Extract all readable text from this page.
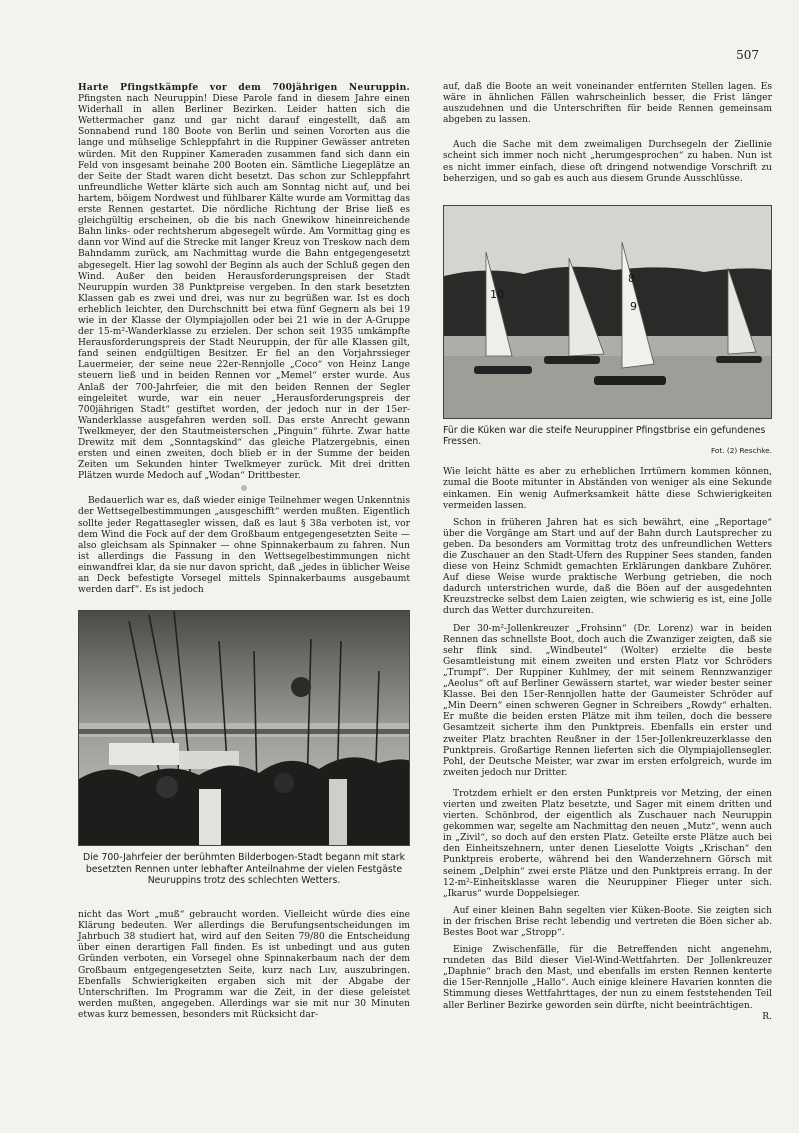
507

Harte Pfingstkämpfe vor dem 700jährigen Neuruppin. Pfingsten nach Neuruppin! Diese Parole fand in diesem Jahre einen Widerhall in allen Berliner Bezirken. Leider hatten sich die Wettermacher ganz und gar nicht darauf eingestellt, daß am Sonnabend rund 180 Boote von Berlin und seinen Vororten aus die lange und mühselige Schleppfahrt in die Ruppiner Gewässer antreten würden. Mit den Ruppiner Kameraden zusammen fand sich dann ein Feld von insgesamt beinahe 200 Booten ein. Sämtliche Liegeplätze an der Seite der Stadt waren dicht besetzt. Das schon zur Schleppfahrt unfreundliche Wetter klärte sich auch am Sonntag nicht auf, und bei hartem, böigem Nordwest und fühlbarer Kälte wurde am Vormittag das erste Rennen gestartet. Die nördliche Richtung der Brise ließ es gleichgültig erscheinen, ob die bis nach Gnewikow hineinreichende Bahn links- oder rechtsherum abgesegelt würde. Am Vormittag ging es dann vor Wind auf die Strecke mit langer Kreuz von Treskow nach dem Bahndamm zurück, am Nachmittag wurde die Bahn entgegengesetzt abgesegelt. Hier lag sowohl der Beginn als auch der Schluß gegen den Wind. Außer den beiden Herausforderungspreisen der Stadt Neuruppin wurden 38 Punktpreise vergeben. In den stark besetzten Klassen gab es zwei und drei, was nur zu begrüßen war. Ist es doch erheblich leichter, den Durchschnitt bei etwa fünf Gegnern als bei 19 wie in der Klasse der Olympiajollen oder bei 21 wie in der A-Gruppe der 15-m²-Wanderklasse zu erzielen. Der schon seit 1935 umkämpfte Herausforderungspreis der Stadt Neuruppin, der für alle Klassen gilt, fand seinen endgültigen Besitzer. Er fiel an den Vorjahrssieger Lauermeier, der seine neue 22er-Rennjolle „Coco“ von Heinz Lange steuern ließ und in beiden Rennen vor „Memel“ erster wurde. Aus Anlaß der 700-Jahrfeier, die mit den beiden Rennen der Segler eingeleitet wurde, war ein neuer „Herausforderungspreis der 700jährigen Stadt“ gestiftet worden, der jedoch nur in der 15er-Wanderklasse ausgefahren werden soll. Das erste Anrecht gewann Twelkmeyer, der den Stautmeisterschen „Pinguin“ führte. Zwar hatte Drewitz mit dem „Sonntagskind“ das gleiche Platzergebnis, einen ersten und einen zweiten, doch blieb er in der Summe der beiden Zeiten um Sekunden hinter Twelkmeyer zurück. Mit drei dritten Plätzen wurde Medoch auf „Wodan“ Drittbester.

Bedauerlich war es, daß wieder einige Teilnehmer wegen Unkenntnis der Wettsegelbestimmungen „ausgeschifft“ werden mußten. Eigentlich sollte jeder Regattasegler wissen, daß es laut § 38a verboten ist, vor dem Wind die Fock auf der dem Großbaum entgegengesetzten Seite — also gleichsam als Spinnaker — ohne Spinnakerbaum zu fahren. Nun ist allerdings die Fassung in den Wettsegelbestimmungen nicht einwandfrei klar, da sie nur davon spricht, daß „jedes in üblicher Weise an Deck befestigte Vorsegel mittels Spinnakerbaums ausgebaumt werden darf“. Es ist jedoch

Die 700-Jahrfeier der berühmten Bilderbogen-Stadt begann mit stark besetzten Rennen unter lebhafter Anteilnahme der vielen Festgäste Neuruppins trotz des schlechten Wetters.

nicht das Wort „muß“ gebraucht worden. Vielleicht würde dies eine Klärung bedeuten. Wer allerdings die Berufungsentscheidungen im Jahrbuch 38 studiert hat, wird auf den Seiten 79/80 die Entscheidung über einen derartigen Fall finden. Es ist unbedingt und aus guten Gründen verboten, ein Vorsegel ohne Spinnakerbaum nach der dem Großbaum entgegengesetzten Seite, kurz nach Luv, auszubringen. Ebenfalls Schwierigkeiten ergaben sich mit der Abgabe der Unterschriften. Im Programm war die Zeit, in der diese geleistet werden mußten, angegeben. Allerdings war sie mit nur 30 Minuten etwas kurz bemessen, besonders mit Rücksicht dar-

auf, daß die Boote an weit voneinander entfernten Stellen lagen. Es wäre in ähnlichen Fällen wahrscheinlich besser, die Frist länger auszudehnen und die Unterschriften für beide Rennen gemeinsam abgeben zu lassen.

Auch die Sache mit dem zweimaligen Durchsegeln der Ziellinie scheint sich immer noch nicht „herumgesprochen“ zu haben. Nun ist es nicht immer einfach, diese oft dringend notwendige Vorschrift zu beherzigen, und so gab es auch aus diesem Grunde Ausschlüsse.

10
8
9

Für die Küken war die steife Neuruppiner Pfingstbrise ein gefundenes Fressen.

Fot. (2) Reschke.

Wie leicht hätte es aber zu erheblichen Irrtümern kommen können, zumal die Boote mitunter in Abständen von weniger als eine Sekunde einkamen. Ein wenig Aufmerksamkeit hätte diese Schwierigkeiten vermeiden lassen.

Schon in früheren Jahren hat es sich bewährt, eine „Reportage“ über die Vorgänge am Start und auf der Bahn durch Lautsprecher zu geben. Da besonders am Vormittag trotz des unfreundlichen Wetters die Zuschauer an den Stadt-Ufern des Ruppiner Sees standen, fanden diese von Heinz Schmidt gemachten Erklärungen dankbare Zuhörer. Auf diese Weise wurde praktische Werbung getrieben, die noch dadurch unterstrichen wurde, daß die Böen auf der ausgedehnten Kreuzstrecke selbst dem Laien zeigten, wie schwierig es ist, eine Jolle durch das Wetter durchzureiten.

Der 30-m²-Jollenkreuzer „Frohsinn“ (Dr. Lorenz) war in beiden Rennen das schnellste Boot, doch auch die Zwanziger zeigten, daß sie sehr flink sind. „Windbeutel“ (Wolter) erzielte die beste Gesamtleistung mit einem zweiten und ersten Platz vor Schröders „Trumpf“. Der Ruppiner Kuhlmey, der mit seinem Rennzwanziger „Aeolus“ oft auf Berliner Gewässern startet, war wieder bester seiner Klasse. Bei den 15er-Rennjollen hatte der Gaumeister Schröder auf „Min Deern“ einen schweren Gegner in Schreibers „Rowdy“ erhalten. Er mußte die beiden ersten Plätze mit ihm teilen, doch die bessere Gesamtzeit sicherte ihm den Punktpreis. Ebenfalls ein erster und zweiter Platz brachten Reußner in der 15er-Jollenkreuzerklasse den Punktpreis. Großartige Rennen lieferten sich die Olympiajollensegler. Pohl, der Deutsche Meister, war zwar im ersten erfolgreich, wurde im zweiten jedoch nur Dritter.

Trotzdem erhielt er den ersten Punktpreis vor Metzing, der einen vierten und zweiten Platz besetzte, und Sager mit einem dritten und vierten. Schönbrod, der eigentlich als Zuschauer nach Neuruppin gekommen war, segelte am Nachmittag den neuen „Mutz“, wenn auch in „Zivil“, so doch auf den ersten Platz. Geteilte erste Plätze auch bei den Einheitszehnern, unter denen Lieselotte Voigts „Krischan“ den Punktpreis eroberte, während bei den Wanderzehnern Görsch mit seinem „Delphin“ zwei erste Plätze und den Punktpreis errang. In der 12-m²-Einheitsklasse waren die Neuruppiner Flieger unter sich. „Ikarus“ wurde Doppelsieger.

Auf einer kleinen Bahn segelten vier Küken-Boote. Sie zeigten sich in der frischen Brise recht lebendig und vertreten die Böen sicher ab. Bestes Boot war „Stropp“.

Einige Zwischenfälle, für die Betreffenden nicht angenehm, rundeten das Bild dieser Viel-Wind-Wettfahrten. Der Jollenkreuzer „Daphnie“ brach den Mast, und ebenfalls im ersten Rennen kenterte die 15er-Rennjolle „Hallo“. Auch einige kleinere Havarien konnten die Stimmung dieses Wettfahrttages, der nun zu einem feststehenden Teil aller Berliner Bezirke geworden sein dürfte, nicht beeinträchtigen.
R.
